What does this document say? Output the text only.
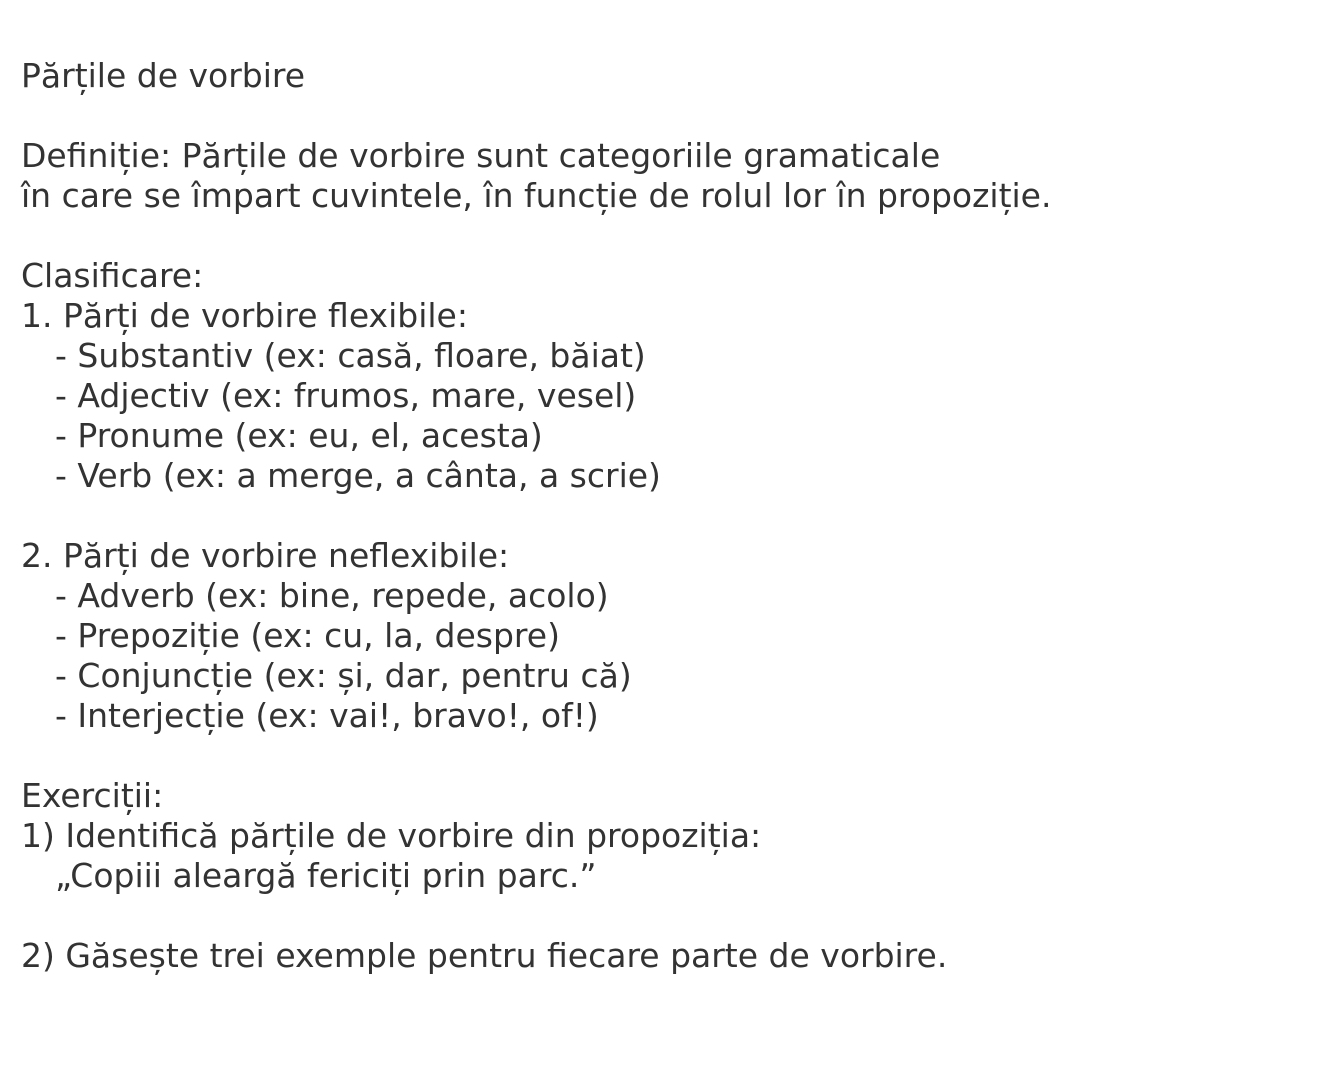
Părțile de vorbire
Definiție: Părțile de vorbire sunt categoriile gramaticale
în care se împart cuvintele, în funcție de rolul lor în propoziție.
Clasificare:
1. Părți de vorbire flexibile:
- Substantiv (ex: casă, floare, băiat)
- Adjectiv (ex: frumos, mare, vesel)
- Pronume (ex: eu, el, acesta)
- Verb (ex: a merge, a cânta, a scrie)
2. Părți de vorbire neflexibile:
- Adverb (ex: bine, repede, acolo)
- Prepoziție (ex: cu, la, despre)
- Conjuncție (ex: și, dar, pentru că)
- Interjecție (ex: vai!, bravo!, of!)
Exerciții:
1) Identifică părțile de vorbire din propoziția:
„Copiii aleargă fericiți prin parc.”
2) Găsește trei exemple pentru fiecare parte de vorbire.
